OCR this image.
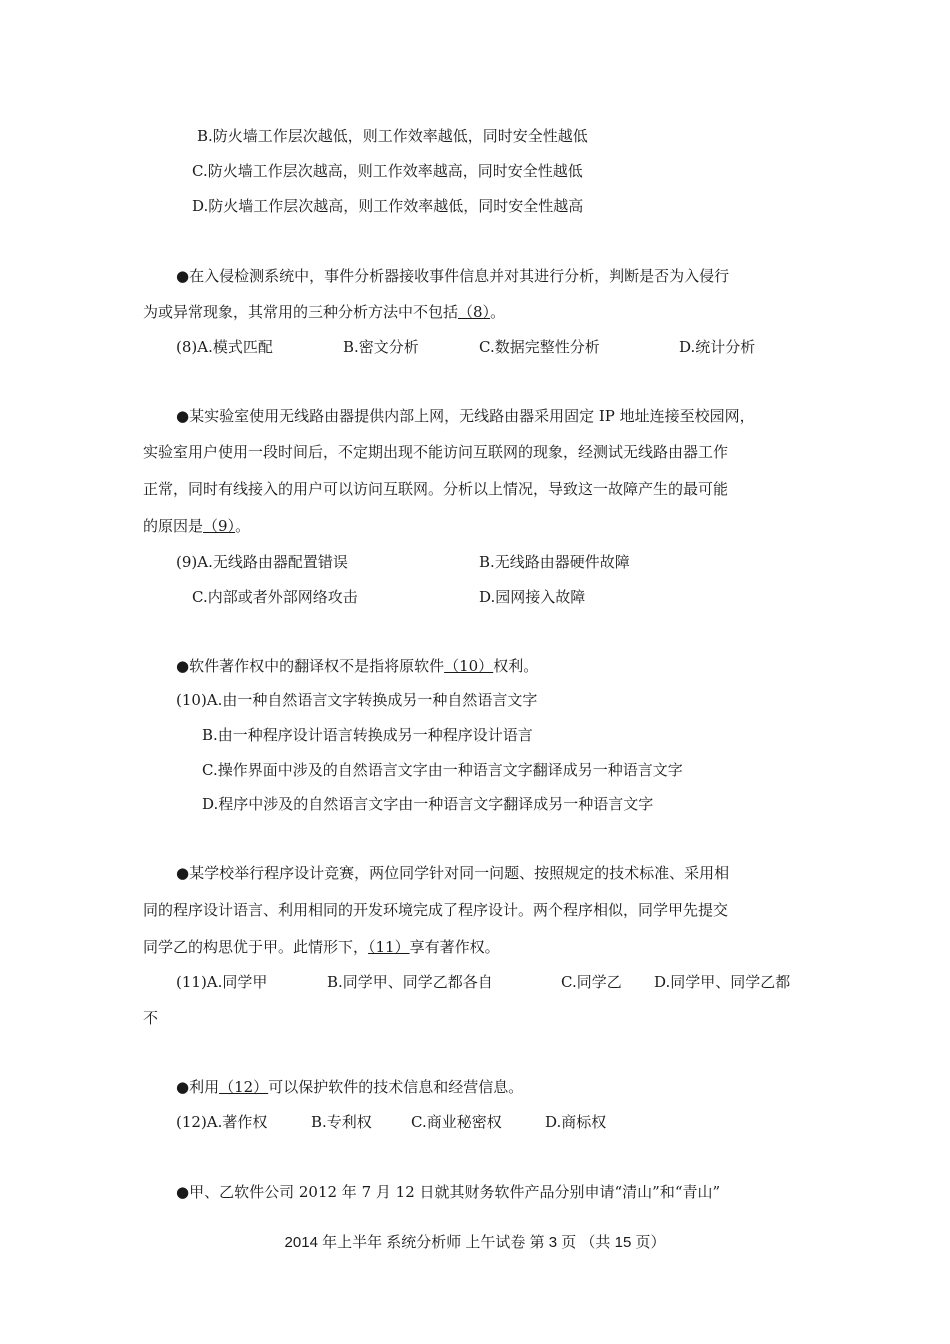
B.防火墙工作层次越低，则工作效率越低，同时安全性越低
C.防火墙工作层次越高，则工作效率越高，同时安全性越低
D.防火墙工作层次越高，则工作效率越低，同时安全性越高
●在入侵检测系统中，事件分析器接收事件信息并对其进行分析，判断是否为入侵行
为或异常现象，其常用的三种分析方法中不包括（8）。
(8)A.模式匹配	B.密文分析	C.数据完整性分析	D.统计分析
●某实验室使用无线路由器提供内部上网，无线路由器采用固定 IP 地址连接至校园网，
实验室用户使用一段时间后，不定期出现不能访问互联网的现象，经测试无线路由器工作
正常，同时有线接入的用户可以访问互联网。分析以上情况，导致这一故障产生的最可能
的原因是（9）。
(9)A.无线路由器配置错误	B.无线路由器硬件故障
C.内部或者外部网络攻击	D.园网接入故障
●软件著作权中的翻译权不是指将原软件（10）权利。
(10)A.由一种自然语言文字转换成另一种自然语言文字
B.由一种程序设计语言转换成另一种程序设计语言
C.操作界面中涉及的自然语言文字由一种语言文字翻译成另一种语言文字
D.程序中涉及的自然语言文字由一种语言文字翻译成另一种语言文字
●某学校举行程序设计竞赛，两位同学针对同一问题、按照规定的技术标准、采用相
同的程序设计语言、利用相同的开发环境完成了程序设计。两个程序相似，同学甲先提交
同学乙的构思优于甲。此情形下，（11）享有著作权。
(11)A.同学甲	B.同学甲、同学乙都各自	C.同学乙 D.同学甲、同学乙都
不
●利用（12）可以保护软件的技术信息和经营信息。
(12)A.著作权	B.专利权	C.商业秘密权	D.商标权
●甲、乙软件公司 2012 年 7 月 12 日就其财务软件产品分别申请“清山”和“青山”
2014 年上半年 系统分析师 上午试卷 第 3 页 （共 15 页）
